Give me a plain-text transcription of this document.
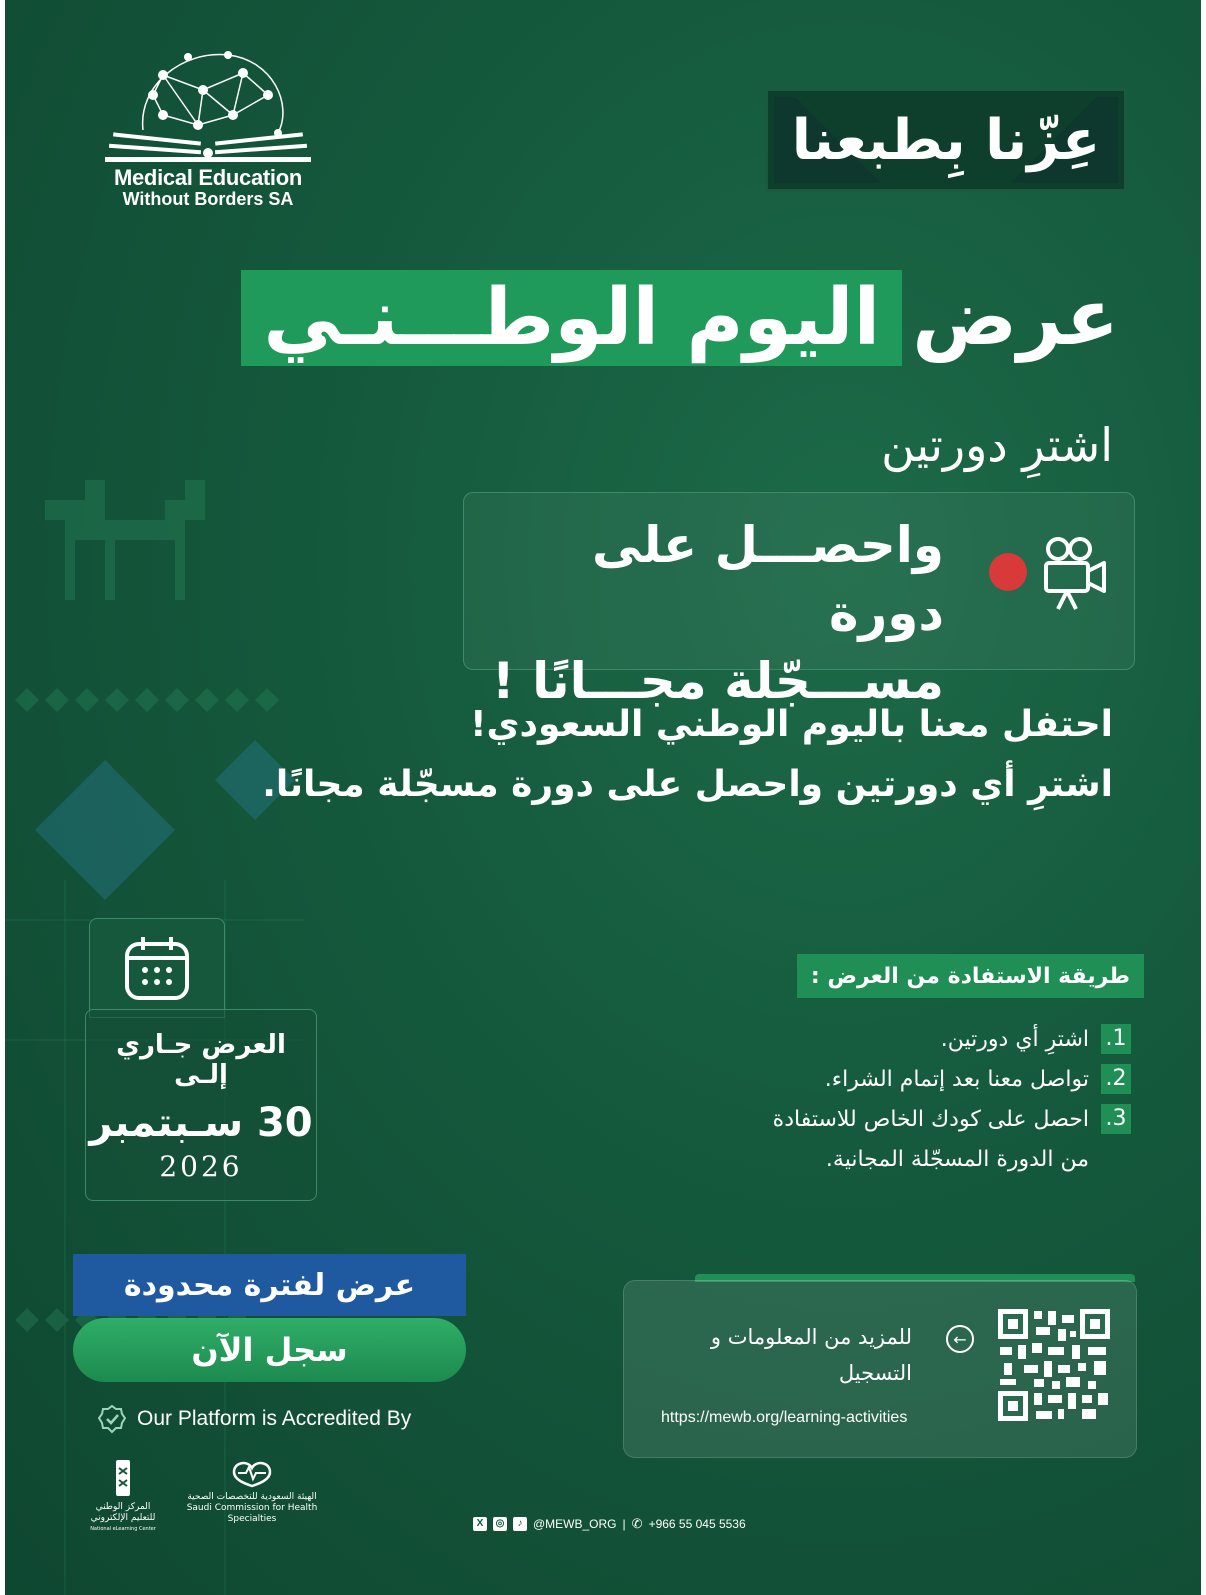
Medical Education
Without Borders SA
عِزّنا بِطبعنا
عرض
اليوم الوطـــنـي
اشترِ دورتين
واحصـــل على دورة
مســـجّلة مجـــانًا !
احتفل معنا باليوم الوطني السعودي!
اشترِ أي دورتين واحصل على دورة مسجّلة مجانًا.
العرض جـاري إلـى
30 سـبتمبر
2026
طريقة الاستفادة من العرض :
1.
اشترِ أي دورتين.
2.
تواصل معنا بعد إتمام الشراء.
3.
احصل على كودك الخاص للاستفادة
من الدورة المسجّلة المجانية.
عرض لفترة محدودة
سجل الآن
Our Platform is Accredited By
المركز الوطني
للتعليم الإلكتروني
National eLearning Center
الهيئة السعودية للتخصصات الصحية
Saudi Commission for Health Specialties
للمزيد من المعلومات و
التسجيل
←
https://mewb.org/learning-activities
X	◎	♪ @MEWB_ORG | ✆ +966 55 045 5536
